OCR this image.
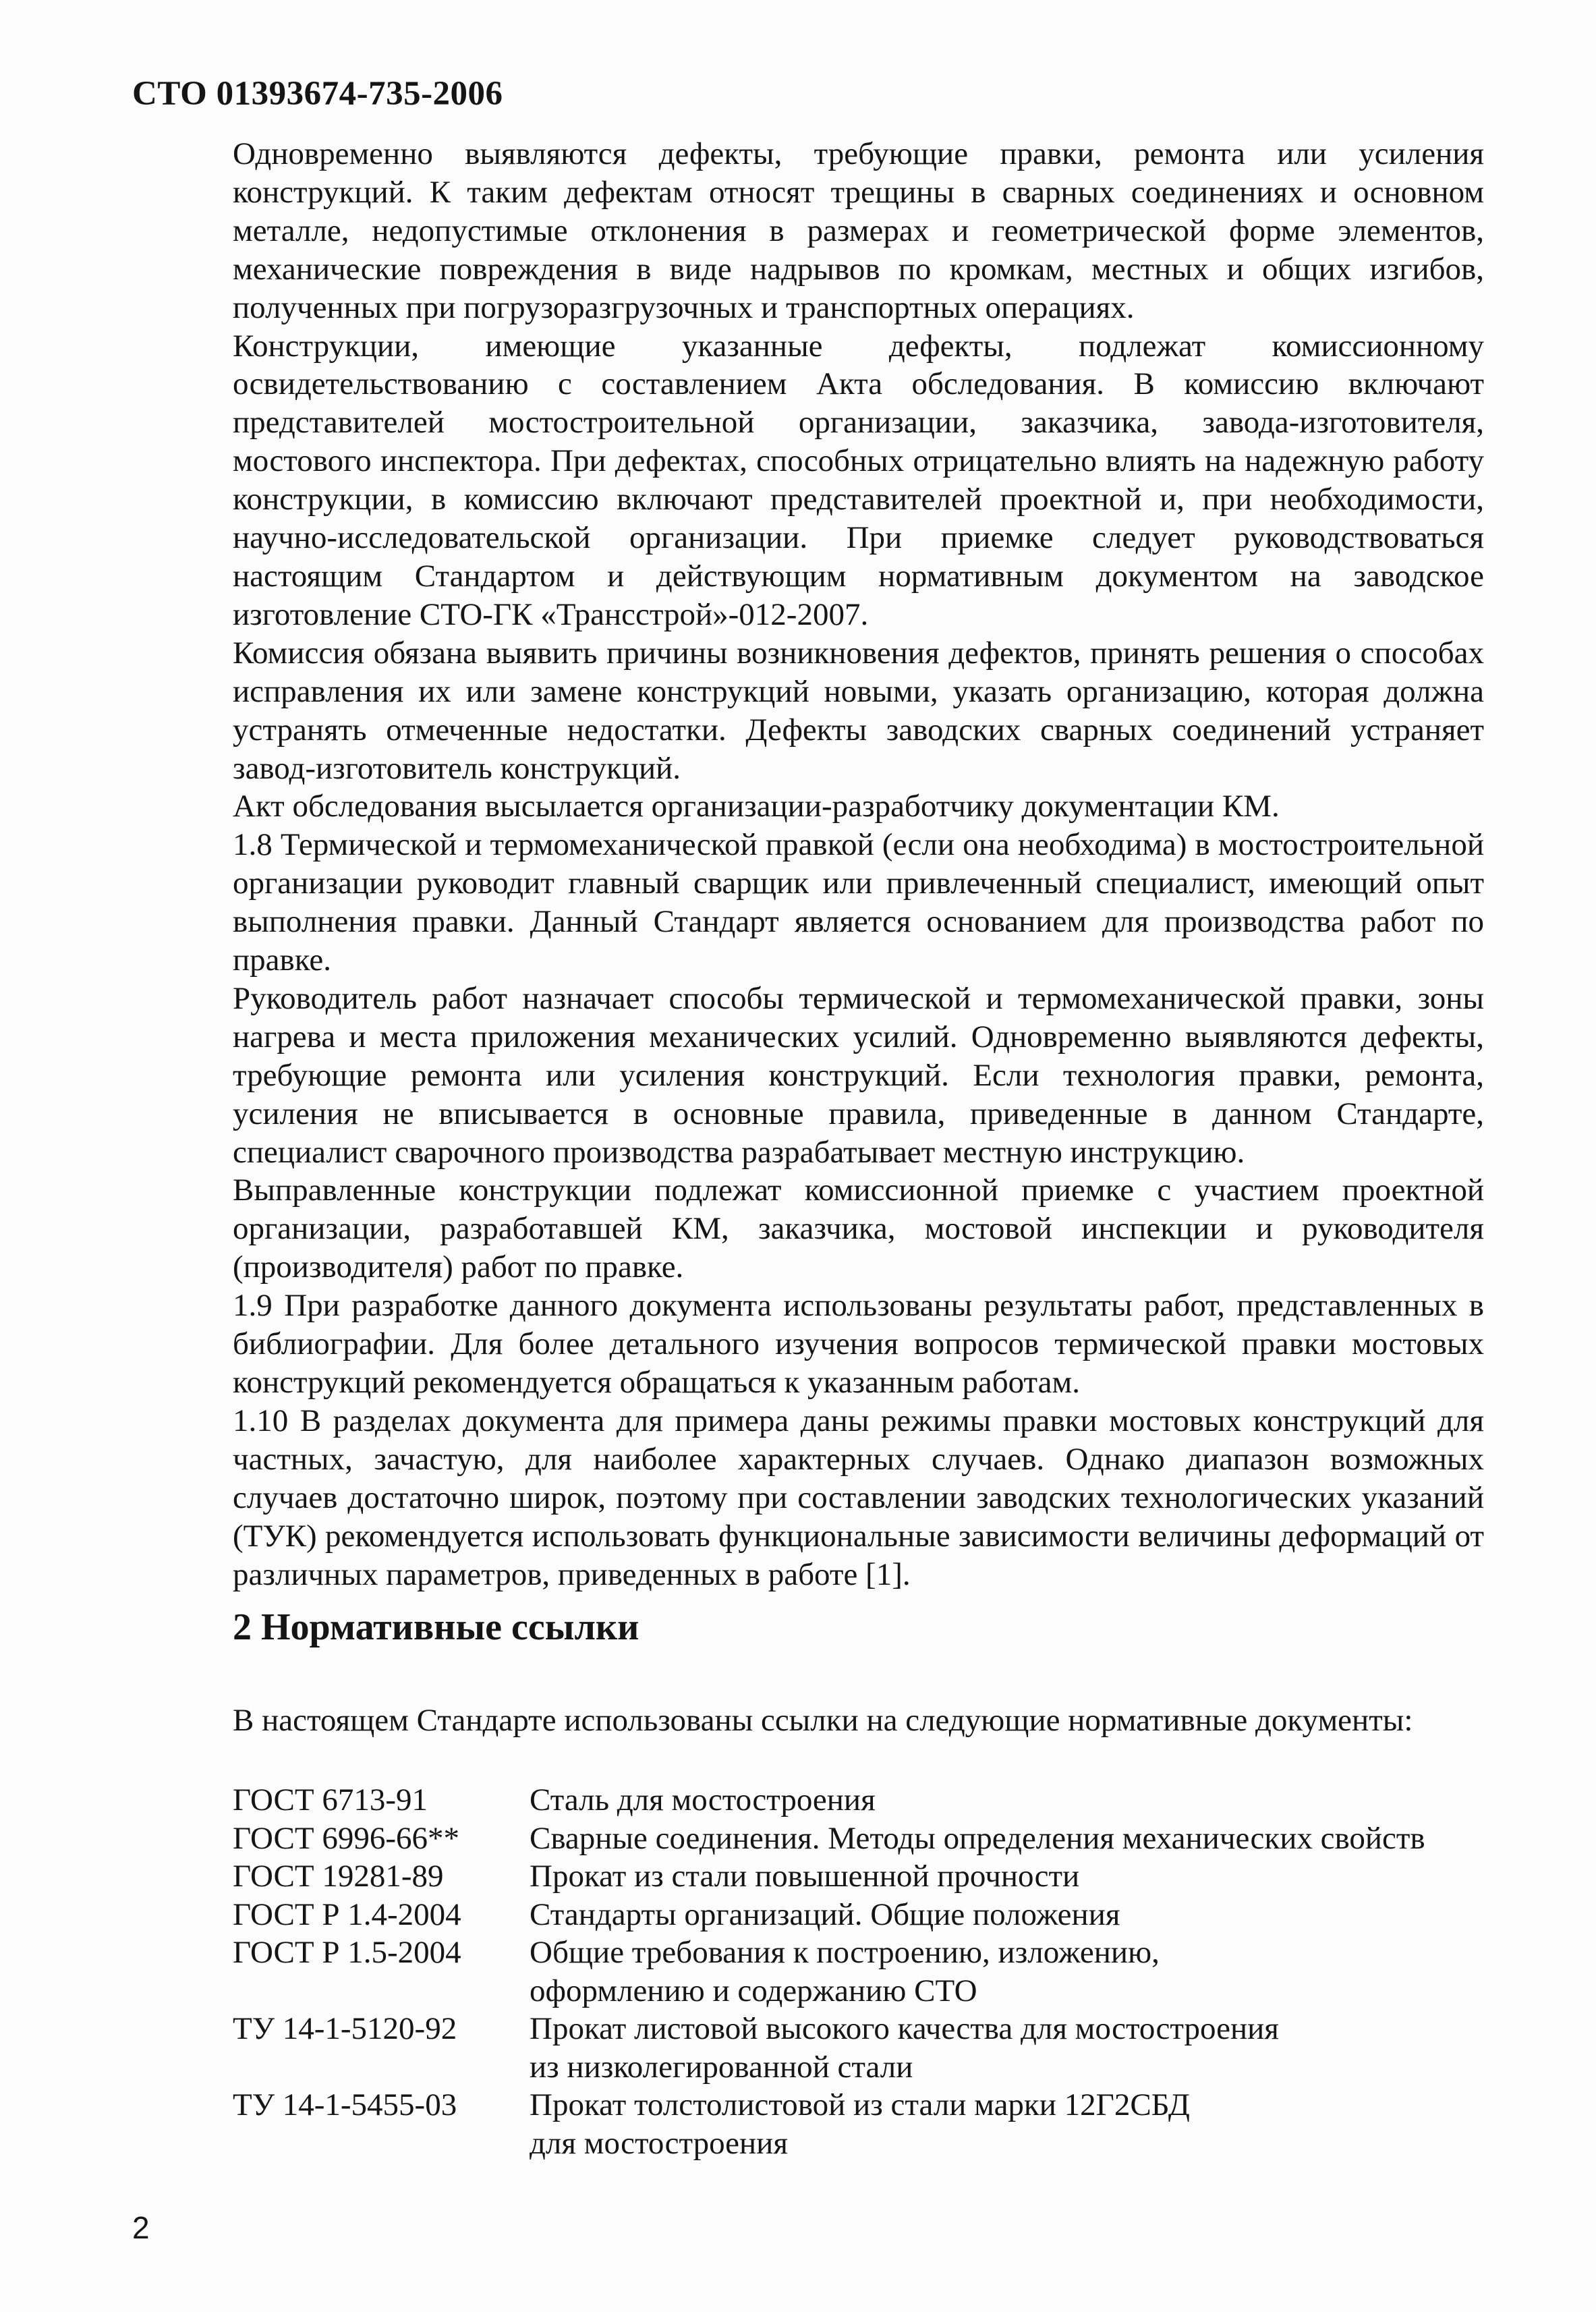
СТО 01393674-735-2006

Одновременно выявляются дефекты, требующие правки, ремонта или усиления конструкций. К таким дефектам относят трещины в сварных соединениях и основном металле, недопустимые отклонения в размерах и геометрической форме элементов, механические повреждения в виде надрывов по кромкам, местных и общих изгибов, полученных при погрузоразгрузочных и транспортных операциях.

Конструкции, имеющие указанные дефекты, подлежат комиссионному освидетельствованию с составлением Акта обследования. В комиссию включают представителей мостостроительной организации, заказчика, завода-изготовителя, мостового инспектора. При дефектах, способных отрицательно влиять на надежную работу конструкции, в комиссию включают представителей проектной и, при необходимости, научно-исследовательской организации. При приемке следует руководствоваться настоящим Стандартом и действующим нормативным документом на заводское изготовление СТО-ГК «Трансстрой»-012-2007.

Комиссия обязана выявить причины возникновения дефектов, принять решения о способах исправления их или замене конструкций новыми, указать организацию, которая должна устранять отмеченные недостатки. Дефекты заводских сварных соединений устраняет завод-изготовитель конструкций.

Акт обследования высылается организации-разработчику документации КМ.

1.8 Термической и термомеханической правкой (если она необходима) в мостостроительной организации руководит главный сварщик или привлеченный специалист, имеющий опыт выполнения правки. Данный Стандарт является основанием для производства работ по правке.

Руководитель работ назначает способы термической и термомеханической правки, зоны нагрева и места приложения механических усилий. Одновременно выявляются дефекты, требующие ремонта или усиления конструкций. Если технология правки, ремонта, усиления не вписывается в основные правила, приведенные в данном Стандарте, специалист сварочного производства разрабатывает местную инструкцию.

Выправленные конструкции подлежат комиссионной приемке с участием проектной организации, разработавшей КМ, заказчика, мостовой инспекции и руководителя (производителя) работ по правке.

1.9 При разработке данного документа использованы результаты работ, представленных в библиографии. Для более детального изучения вопросов термической правки мостовых конструкций рекомендуется обращаться к указанным работам.

1.10 В разделах документа для примера даны режимы правки мостовых конструкций для частных, зачастую, для наиболее характерных случаев. Однако диапазон возможных случаев достаточно широк, поэтому при составлении заводских технологических указаний (ТУК) рекомендуется использовать функциональные зависимости величины деформаций от различных параметров, приведенных в работе [1].

2 Нормативные ссылки
В настоящем Стандарте использованы ссылки на следующие нормативные документы:
ГОСТ 6713-91	Сталь для мостостроения
ГОСТ 6996-66**	Сварные соединения. Методы определения механических свойств
ГОСТ 19281-89	Прокат из стали повышенной прочности
ГОСТ Р 1.4-2004	Стандарты организаций. Общие положения
ГОСТ Р 1.5-2004	Общие требования к построению, изложению,
оформлению и содержанию СТО
ТУ 14-1-5120-92	Прокат листовой высокого качества для мостостроения
из низколегированной стали
ТУ 14-1-5455-03	Прокат толстолистовой из стали марки 12Г2СБД
для мостостроения
2
